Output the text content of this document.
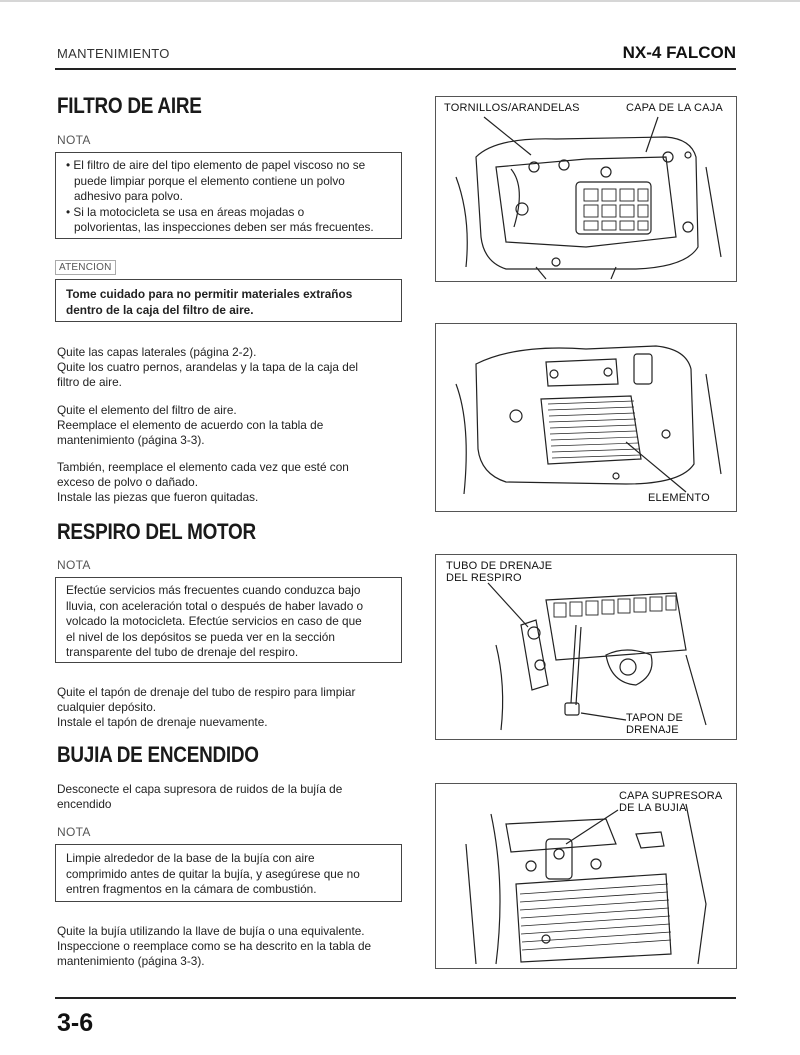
MANTENIMIENTO	NX-4 FALCON
FILTRO DE AIRE
NOTA
• El filtro de aire del tipo elemento de papel viscoso no se
puede limpiar porque el elemento contiene un polvo
adhesivo para polvo.
• Si la motocicleta se usa en áreas mojadas o
polvorientas, las inspecciones deben ser más frecuentes.
ATENCION
Tome cuidado para no permitir materiales extraños
dentro de la caja del filtro de aire.
Quite las capas laterales (página 2-2).
Quite los cuatro pernos, arandelas y la tapa de la caja del
filtro de aire.
Quite el elemento del filtro de aire.
Reemplace el elemento de acuerdo con la tabla de
mantenimiento (página 3-3).
También, reemplace el elemento cada vez que esté con
exceso de polvo o dañado.
Instale las piezas que fueron quitadas.
TORNILLOS/ARANDELAS	CAPA DE LA CAJA
ELEMENTO
RESPIRO DEL MOTOR
NOTA
Efectúe servicios más frecuentes cuando conduzca bajo
lluvia, con aceleración total o después de haber lavado o
volcado la motocicleta. Efectúe servicios en caso de que
el nivel de los depósitos se pueda ver en la sección
transparente del tubo de drenaje del respiro.
Quite el tapón de drenaje del tubo de respiro para limpiar
cualquier depósito.
Instale el tapón de drenaje nuevamente.
TUBO DE DRENAJE
DEL RESPIRO
TAPON DE
DRENAJE
BUJIA DE ENCENDIDO
Desconecte el capa supresora de ruidos de la bujía de
encendido
NOTA
Limpie alrededor de la base de la bujía con aire
comprimido antes de quitar la bujía, y asegúrese que no
entren fragmentos en la cámara de combustión.
Quite la bujía utilizando la llave de bujía o una equivalente.
Inspeccione o reemplace como se ha descrito en la tabla de
mantenimiento (página 3-3).
CAPA SUPRESORA
DE LA BUJIA
3-6
